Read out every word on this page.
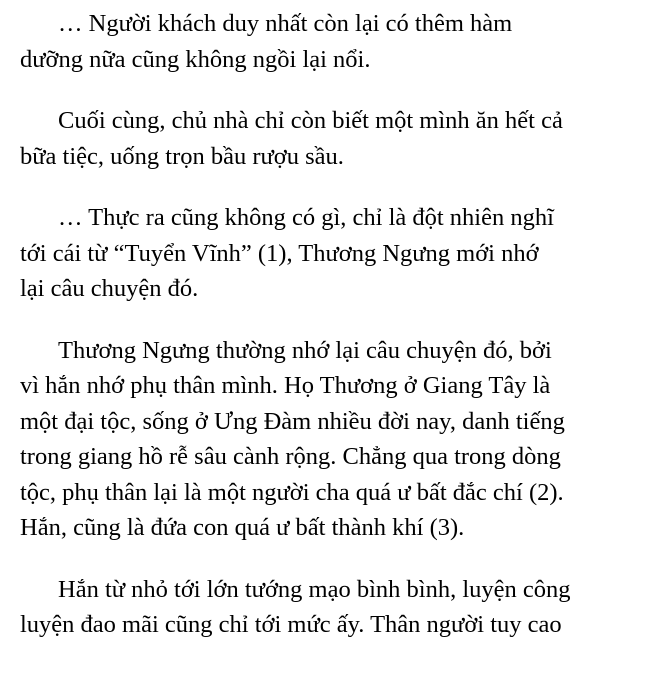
… Người khách duy nhất còn lại có thêm hàm
dưỡng nữa cũng không ngồi lại nổi.
Cuối cùng, chủ nhà chỉ còn biết một mình ăn hết cả
bữa tiệc, uống trọn bầu rượu sầu.
… Thực ra cũng không có gì, chỉ là đột nhiên nghĩ
tới cái từ “Tuyển Vĩnh” (1), Thương Ngưng mới nhớ
lại câu chuyện đó.
Thương Ngưng thường nhớ lại câu chuyện đó, bởi
vì hắn nhớ phụ thân mình. Họ Thương ở Giang Tây là
một đại tộc, sống ở Ưng Đàm nhiều đời nay, danh tiếng
trong giang hồ rễ sâu cành rộng. Chẳng qua trong dòng
tộc, phụ thân lại là một người cha quá ư bất đắc chí (2).
Hắn, cũng là đứa con quá ư bất thành khí (3).
Hắn từ nhỏ tới lớn tướng mạo bình bình, luyện công
luyện đao mãi cũng chỉ tới mức ấy. Thân người tuy cao
